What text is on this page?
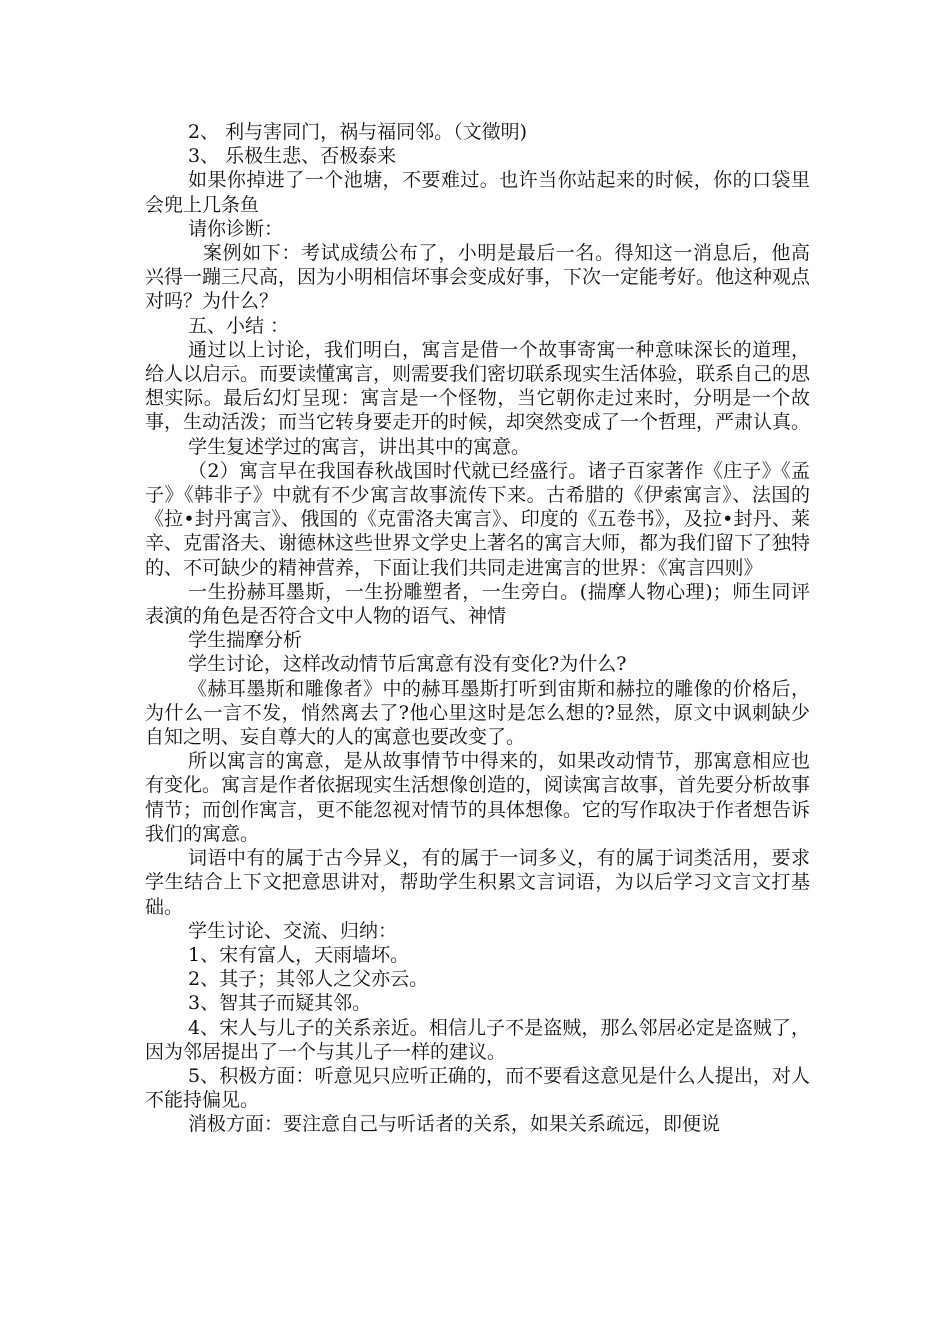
2、 利与害同门，祸与福同邻。（文徵明)

3、 乐极生悲、否极泰来

如果你掉进了一个池塘，不要难过。也许当你站起来的时候，你的口袋里会兜上几条鱼

请你诊断：

案例如下：考试成绩公布了，小明是最后一名。得知这一消息后，他高兴得一蹦三尺高，因为小明相信坏事会变成好事，下次一定能考好。他这种观点对吗？为什么？

五、小结 ：

通过以上讨论，我们明白，寓言是借一个故事寄寓一种意味深长的道理，给人以启示。而要读懂寓言，则需要我们密切联系现实生活体验，联系自己的思想实际。最后幻灯呈现：寓言是一个怪物，当它朝你走过来时，分明是一个故事，生动活泼；而当它转身要走开的时候，却突然变成了一个哲理，严肃认真。

学生复述学过的寓言，讲出其中的寓意。

（2）寓言早在我国春秋战国时代就已经盛行。诸子百家著作《庄子》《孟子》《韩非子》中就有不少寓言故事流传下来。古希腊的《伊索寓言》、法国的《拉•封丹寓言》、俄国的《克雷洛夫寓言》、印度的《五卷书》，及拉•封丹、莱辛、克雷洛夫、谢德林这些世界文学史上著名的寓言大师，都为我们留下了独特的、不可缺少的精神营养，下面让我们共同走进寓言的世界：《寓言四则》

一生扮赫耳墨斯，一生扮雕塑者，一生旁白。(揣摩人物心理)；师生同评表演的角色是否符合文中人物的语气、神情

学生揣摩分析

学生讨论，这样改动情节后寓意有没有变化?为什么?

《赫耳墨斯和雕像者》中的赫耳墨斯打听到宙斯和赫拉的雕像的价格后，为什么一言不发，悄然离去了?他心里这时是怎么想的?显然，原文中讽刺缺少自知之明、妄自尊大的人的寓意也要改变了。

所以寓言的寓意，是从故事情节中得来的，如果改动情节，那寓意相应也有变化。寓言是作者依据现实生活想像创造的，阅读寓言故事，首先要分析故事情节；而创作寓言，更不能忽视对情节的具体想像。它的写作取决于作者想告诉我们的寓意。

词语中有的属于古今异义，有的属于一词多义，有的属于词类活用，要求学生结合上下文把意思讲对，帮助学生积累文言词语，为以后学习文言文打基础。

学生讨论、交流、归纳：

1、宋有富人，天雨墙坏。

2、其子；其邻人之父亦云。

3、智其子而疑其邻。

4、宋人与儿子的关系亲近。相信儿子不是盗贼，那么邻居必定是盗贼了，因为邻居提出了一个与其儿子一样的建议。

5、积极方面：听意见只应听正确的，而不要看这意见是什么人提出，对人不能持偏见。

消极方面：要注意自己与听话者的关系，如果关系疏远，即便说
